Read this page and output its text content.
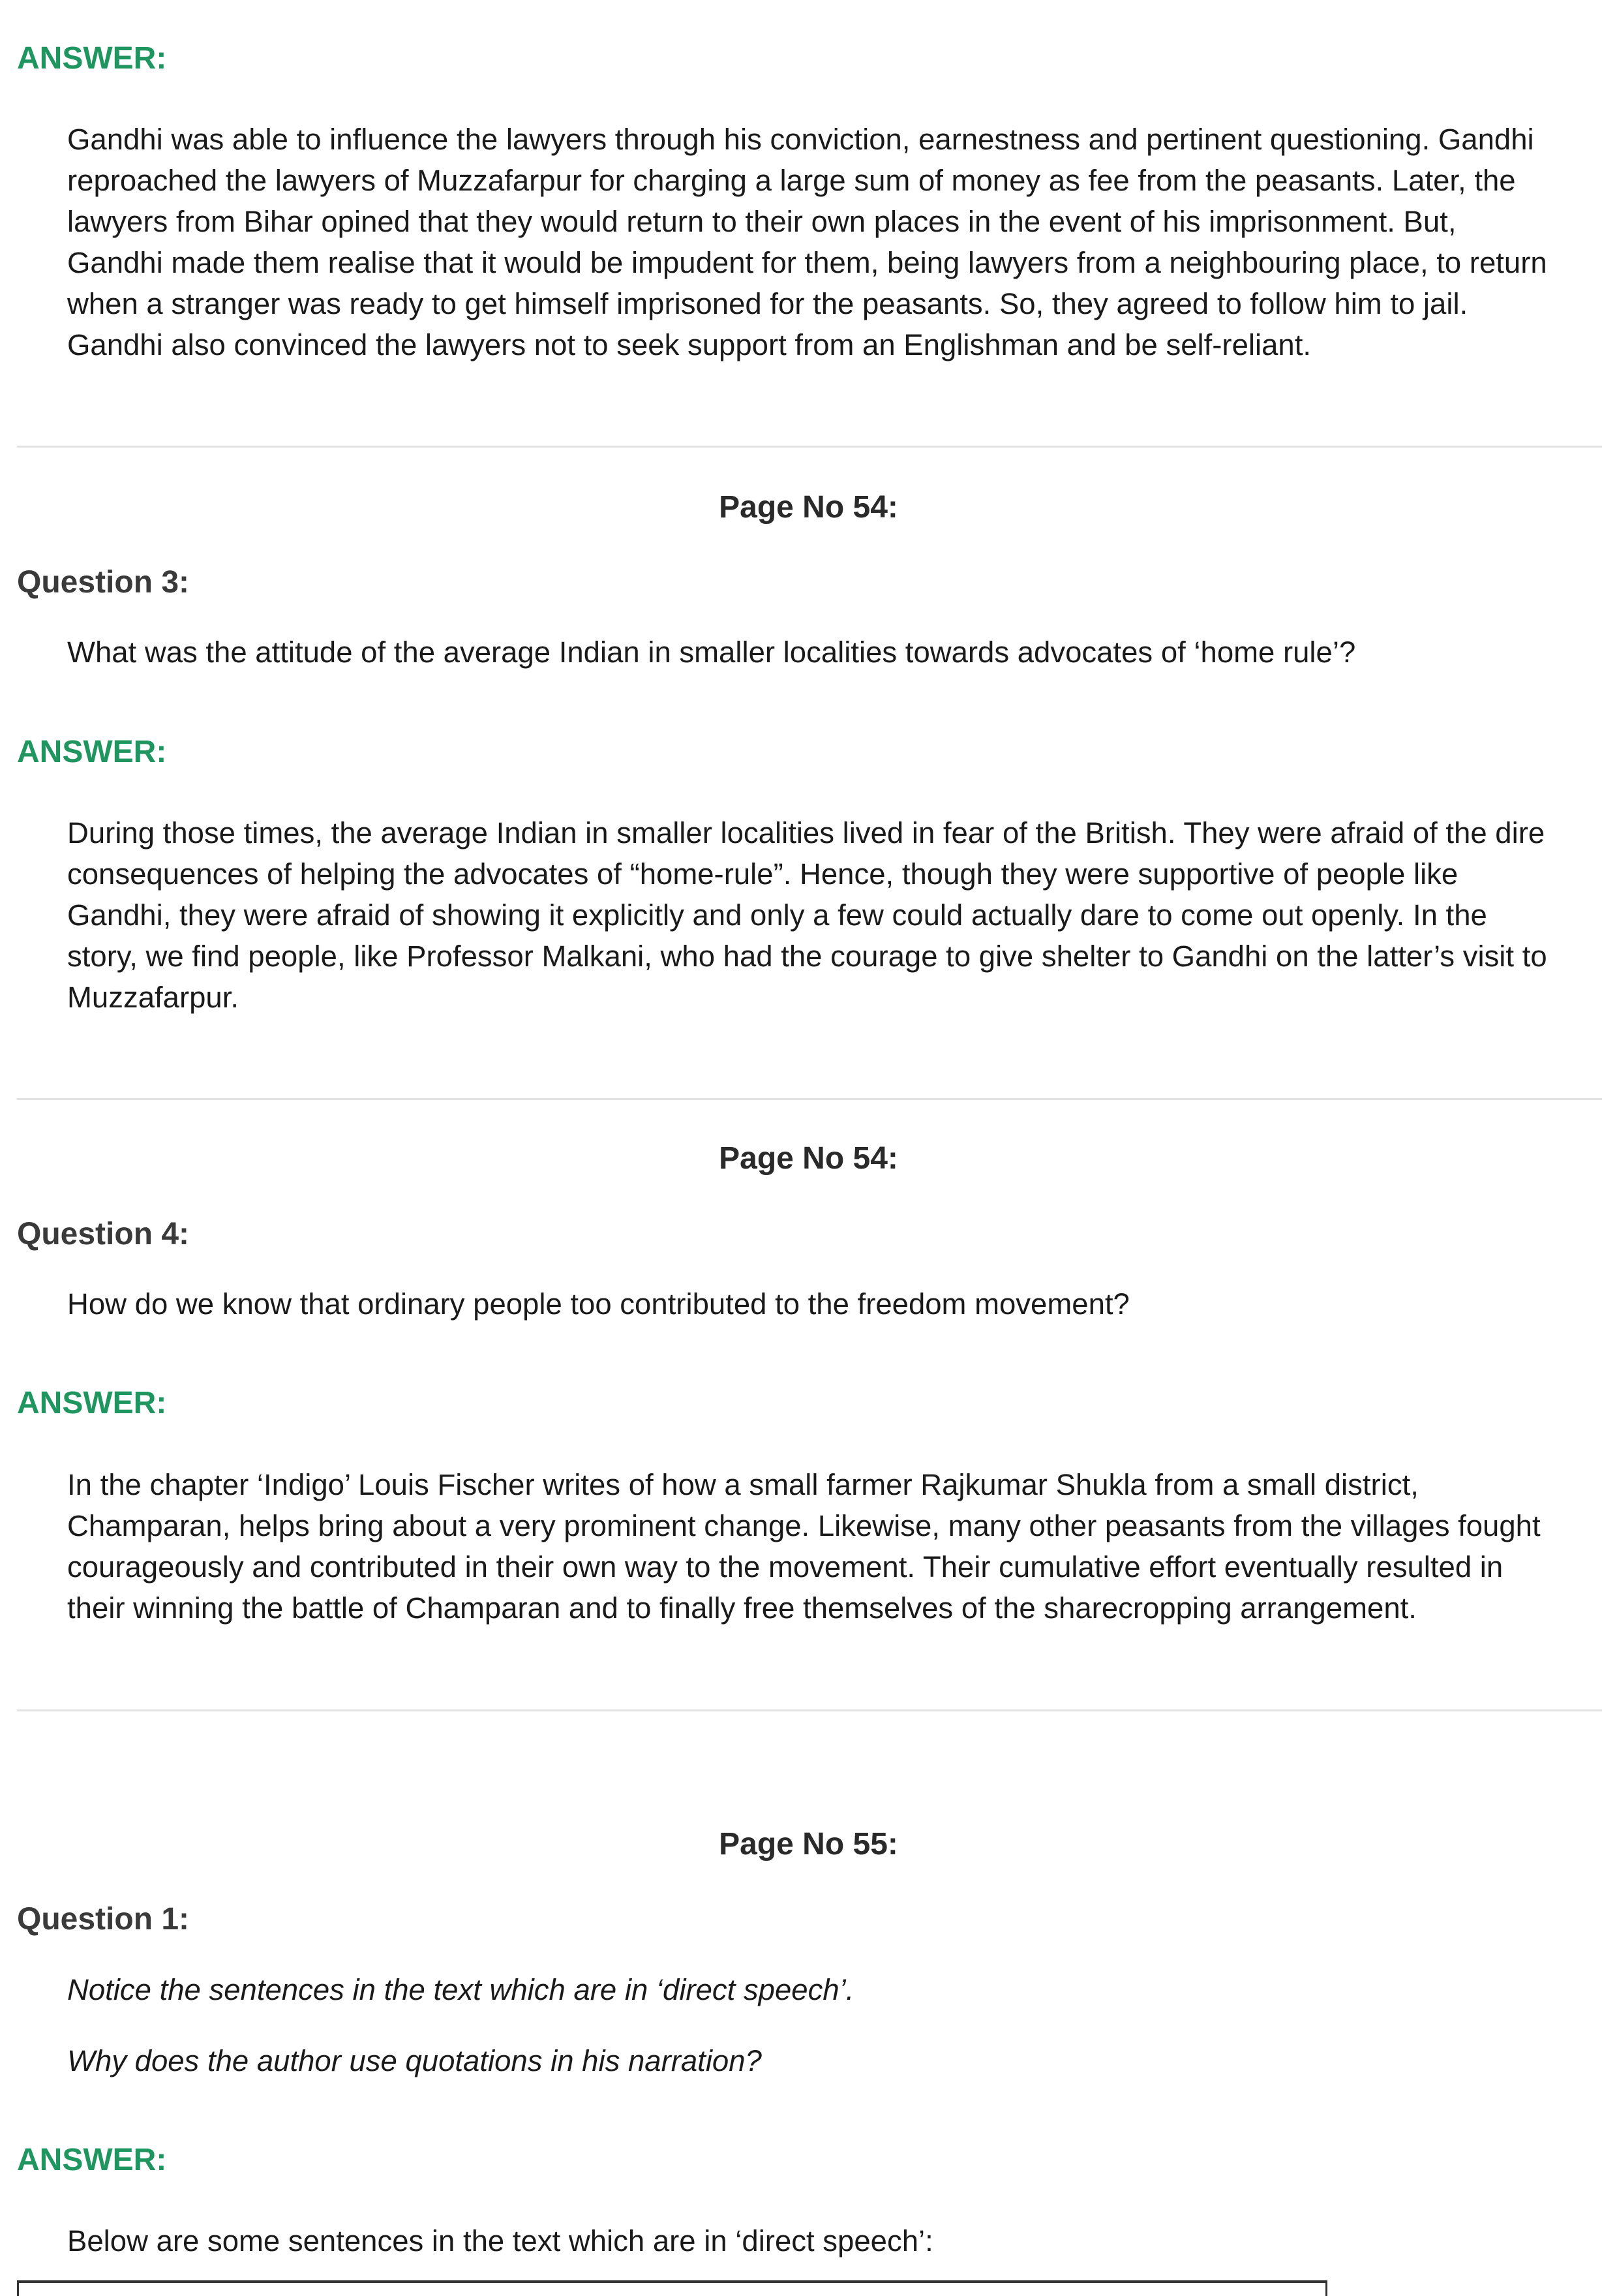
ANSWER:
Gandhi was able to influence the lawyers through his conviction, earnestness and pertinent questioning. Gandhi
reproached the lawyers of Muzzafarpur for charging a large sum of money as fee from the peasants. Later, the
lawyers from Bihar opined that they would return to their own places in the event of his imprisonment. But,
Gandhi made them realise that it would be impudent for them, being lawyers from a neighbouring place, to return
when a stranger was ready to get himself imprisoned for the peasants. So, they agreed to follow him to jail.
Gandhi also convinced the lawyers not to seek support from an Englishman and be self-reliant.
Page No 54:
Question 3:
What was the attitude of the average Indian in smaller localities towards advocates of ‘home rule’?
ANSWER:
During those times, the average Indian in smaller localities lived in fear of the British. They were afraid of the dire
consequences of helping the advocates of “home-rule”. Hence, though they were supportive of people like
Gandhi, they were afraid of showing it explicitly and only a few could actually dare to come out openly. In the
story, we find people, like Professor Malkani, who had the courage to give shelter to Gandhi on the latter’s visit to
Muzzafarpur.
Page No 54:
Question 4:
How do we know that ordinary people too contributed to the freedom movement?
ANSWER:
In the chapter ‘Indigo’ Louis Fischer writes of how a small farmer Rajkumar Shukla from a small district,
Champaran, helps bring about a very prominent change. Likewise, many other peasants from the villages fought
courageously and contributed in their own way to the movement. Their cumulative effort eventually resulted in
their winning the battle of Champaran and to finally free themselves of the sharecropping arrangement.
Page No 55:
Question 1:
Notice the sentences in the text which are in ‘direct speech’.
Why does the author use quotations in his narration?
ANSWER:
Below are some sentences in the text which are in ‘direct speech’:
